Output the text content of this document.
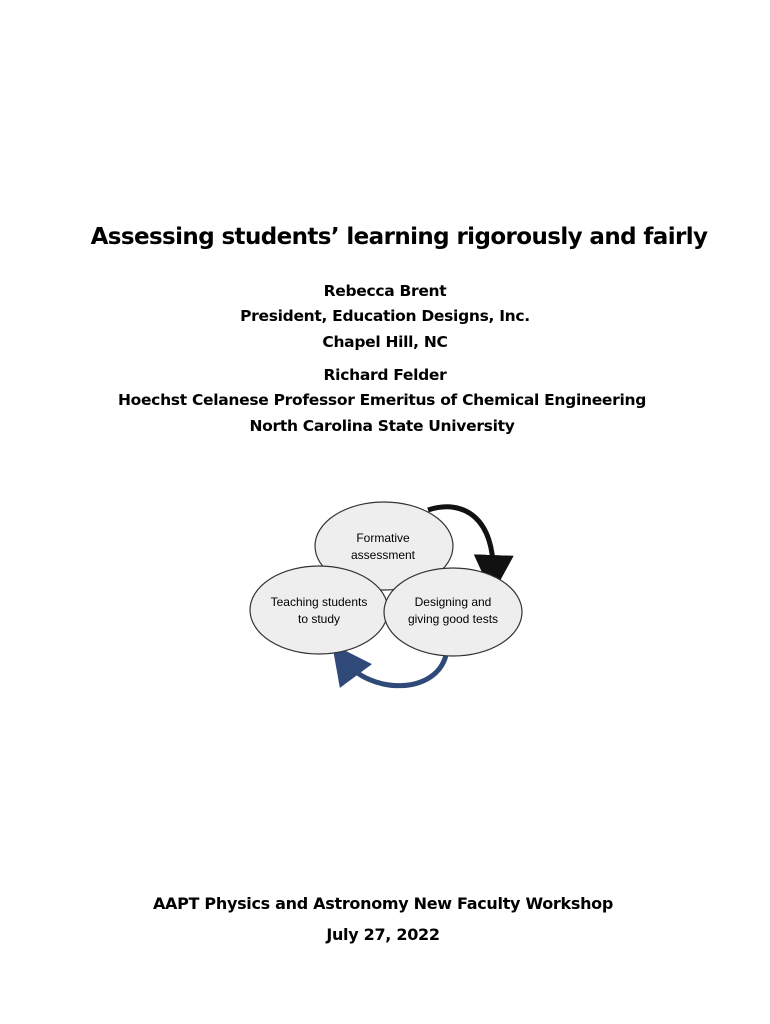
Assessing students’ learning rigorously and fairly
Rebecca Brent
President, Education Designs, Inc.
Chapel Hill, NC
Richard Felder
Hoechst Celanese Professor Emeritus of Chemical Engineering
North Carolina State University
Formative
assessment
Teaching students
to study
Designing and
giving good tests
AAPT Physics and Astronomy New Faculty Workshop
July 27, 2022
